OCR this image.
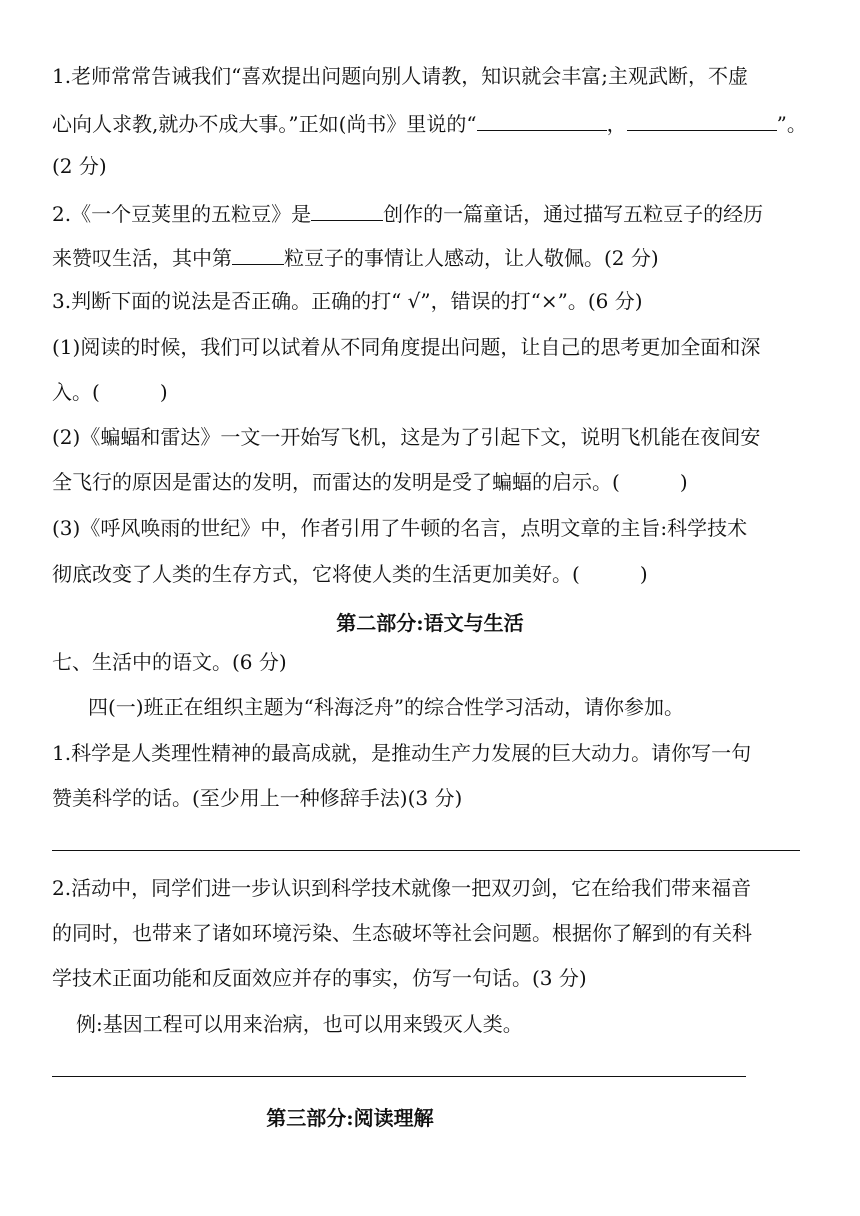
1.老师常常告诫我们“喜欢提出问题向别人请教，知识就会丰富;主观武断，不虚
心向人求教,就办不成大事。”正如(尚书》里说的“	，	”。
(2 分)
2.《一个豆荚里的五粒豆》是	创作的一篇童话，通过描写五粒豆子的经历
来赞叹生活，其中第	粒豆子的事情让人感动，让人敬佩。(2 分)
3.判断下面的说法是否正确。正确的打“ √”，错误的打“×”。(6 分)
(1)阅读的时候，我们可以试着从不同角度提出问题，让自己的思考更加全面和深
入。(	)
(2)《蝙蝠和雷达》一文一开始写飞机，这是为了引起下文，说明飞机能在夜间安
全飞行的原因是雷达的发明，而雷达的发明是受了蝙蝠的启示。(	)
(3)《呼风唤雨的世纪》中，作者引用了牛顿的名言，点明文章的主旨:科学技术
彻底改变了人类的生存方式，它将使人类的生活更加美好。(	)
第二部分:语文与生活
七、生活中的语文。(6 分)
四(一)班正在组织主题为“科海泛舟”的综合性学习活动，请你参加。
1.科学是人类理性精神的最高成就，是推动生产力发展的巨大动力。请你写一句
赞美科学的话。(至少用上一种修辞手法)(3 分)
2.活动中，同学们进一步认识到科学技术就像一把双刃剑，它在给我们带来福音
的同时，也带来了诸如环境污染、生态破坏等社会问题。根据你了解到的有关科
学技术正面功能和反面效应并存的事实，仿写一句话。(3 分)
例:基因工程可以用来治病，也可以用来毁灭人类。
第三部分:阅读理解
